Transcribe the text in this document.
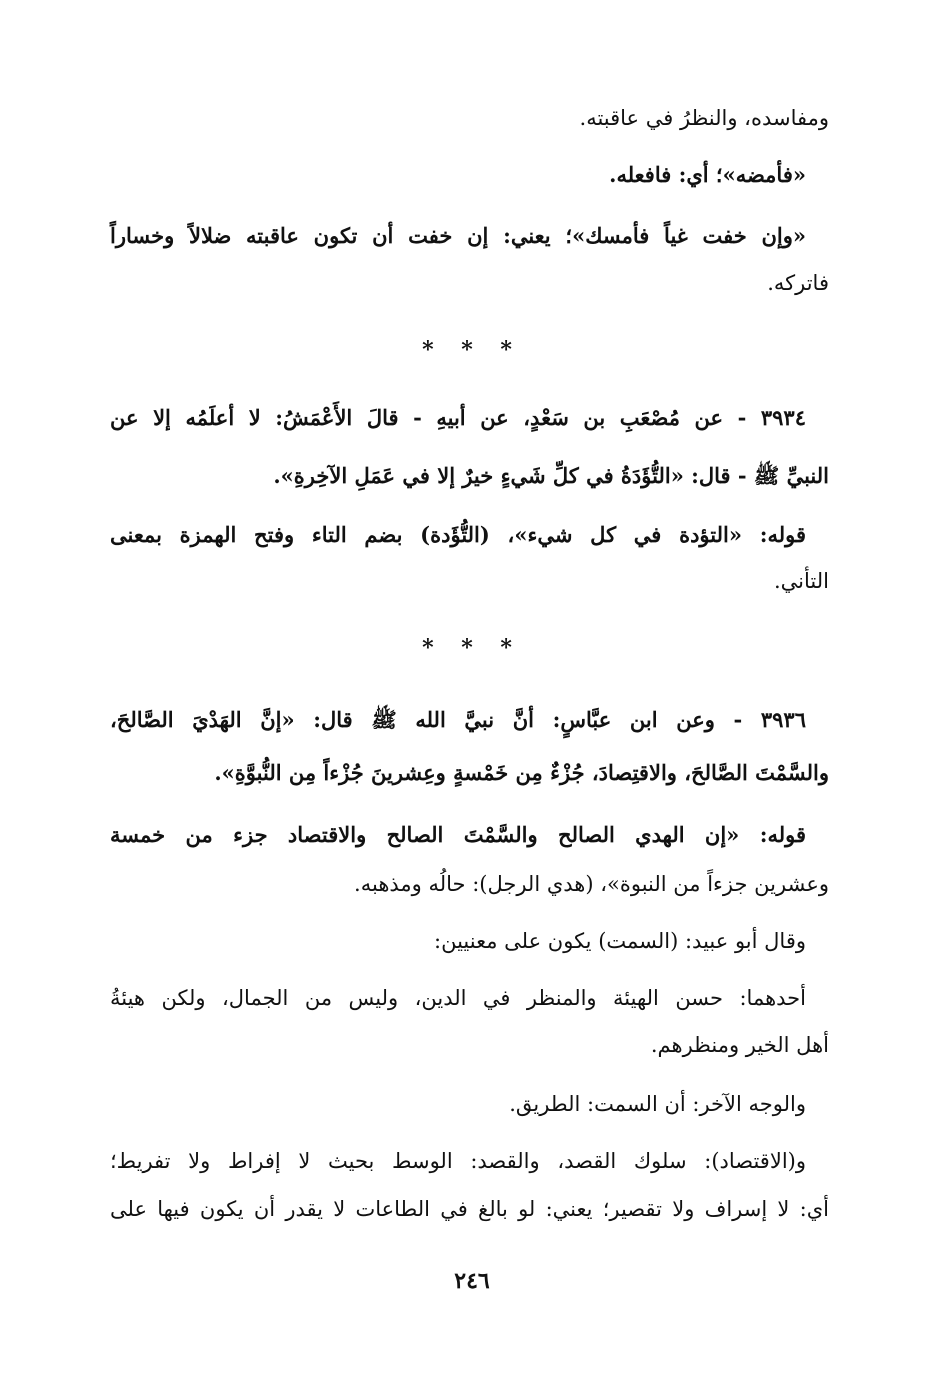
ومفاسده، والنظرُ في عاقبته.
«فأمضه»؛ أي: فافعله.
«وإن خفت غياً فأمسك»؛ يعني: إن خفت أن تكون عاقبته ضلالاً وخساراً
فاتركه.
* * *
٣٩٣٤ - عن مُصْعَبِ بن سَعْدٍ، عن أبيهِ - قالَ الأَعْمَشُ: لا أعلَمُه إلا عن
النبيِّ ﷺ - قال: «التُّؤَدَةُ في كلِّ شَيءٍ خيرٌ إلا في عَمَلِ الآخِرةِ».
قوله: «التؤدة في كل شيء»، (التُّؤَدة) بضم التاء وفتح الهمزة بمعنى
التأني.
* * *
٣٩٣٦ - وعن ابن عبَّاسٍ: أنَّ نبيَّ الله ﷺ قال: «إنَّ الهَدْيَ الصَّالحَ،
والسَّمْتَ الصَّالحَ، والاقتِصادَ، جُزْءٌ مِن خَمْسةٍ وعِشرينَ جُزْءاً مِن النُّبوَّةِ».
قوله: «إن الهدي الصالح والسَّمْتَ الصالح والاقتصاد جزء من خمسة
وعشرين جزءاً من النبوة»، (هدي الرجل): حالُه ومذهبه.
وقال أبو عبيد: (السمت) يكون على معنيين:
أحدهما: حسن الهيئة والمنظر في الدين، وليس من الجمال، ولكن هيئةُ
أهل الخير ومنظرهم.
والوجه الآخر: أن السمت: الطريق.
و(الاقتصاد): سلوك القصد، والقصد: الوسط بحيث لا إفراط ولا تفريط؛
أي: لا إسراف ولا تقصير؛ يعني: لو بالغ في الطاعات لا يقدر أن يكون فيها على
٢٤٦
